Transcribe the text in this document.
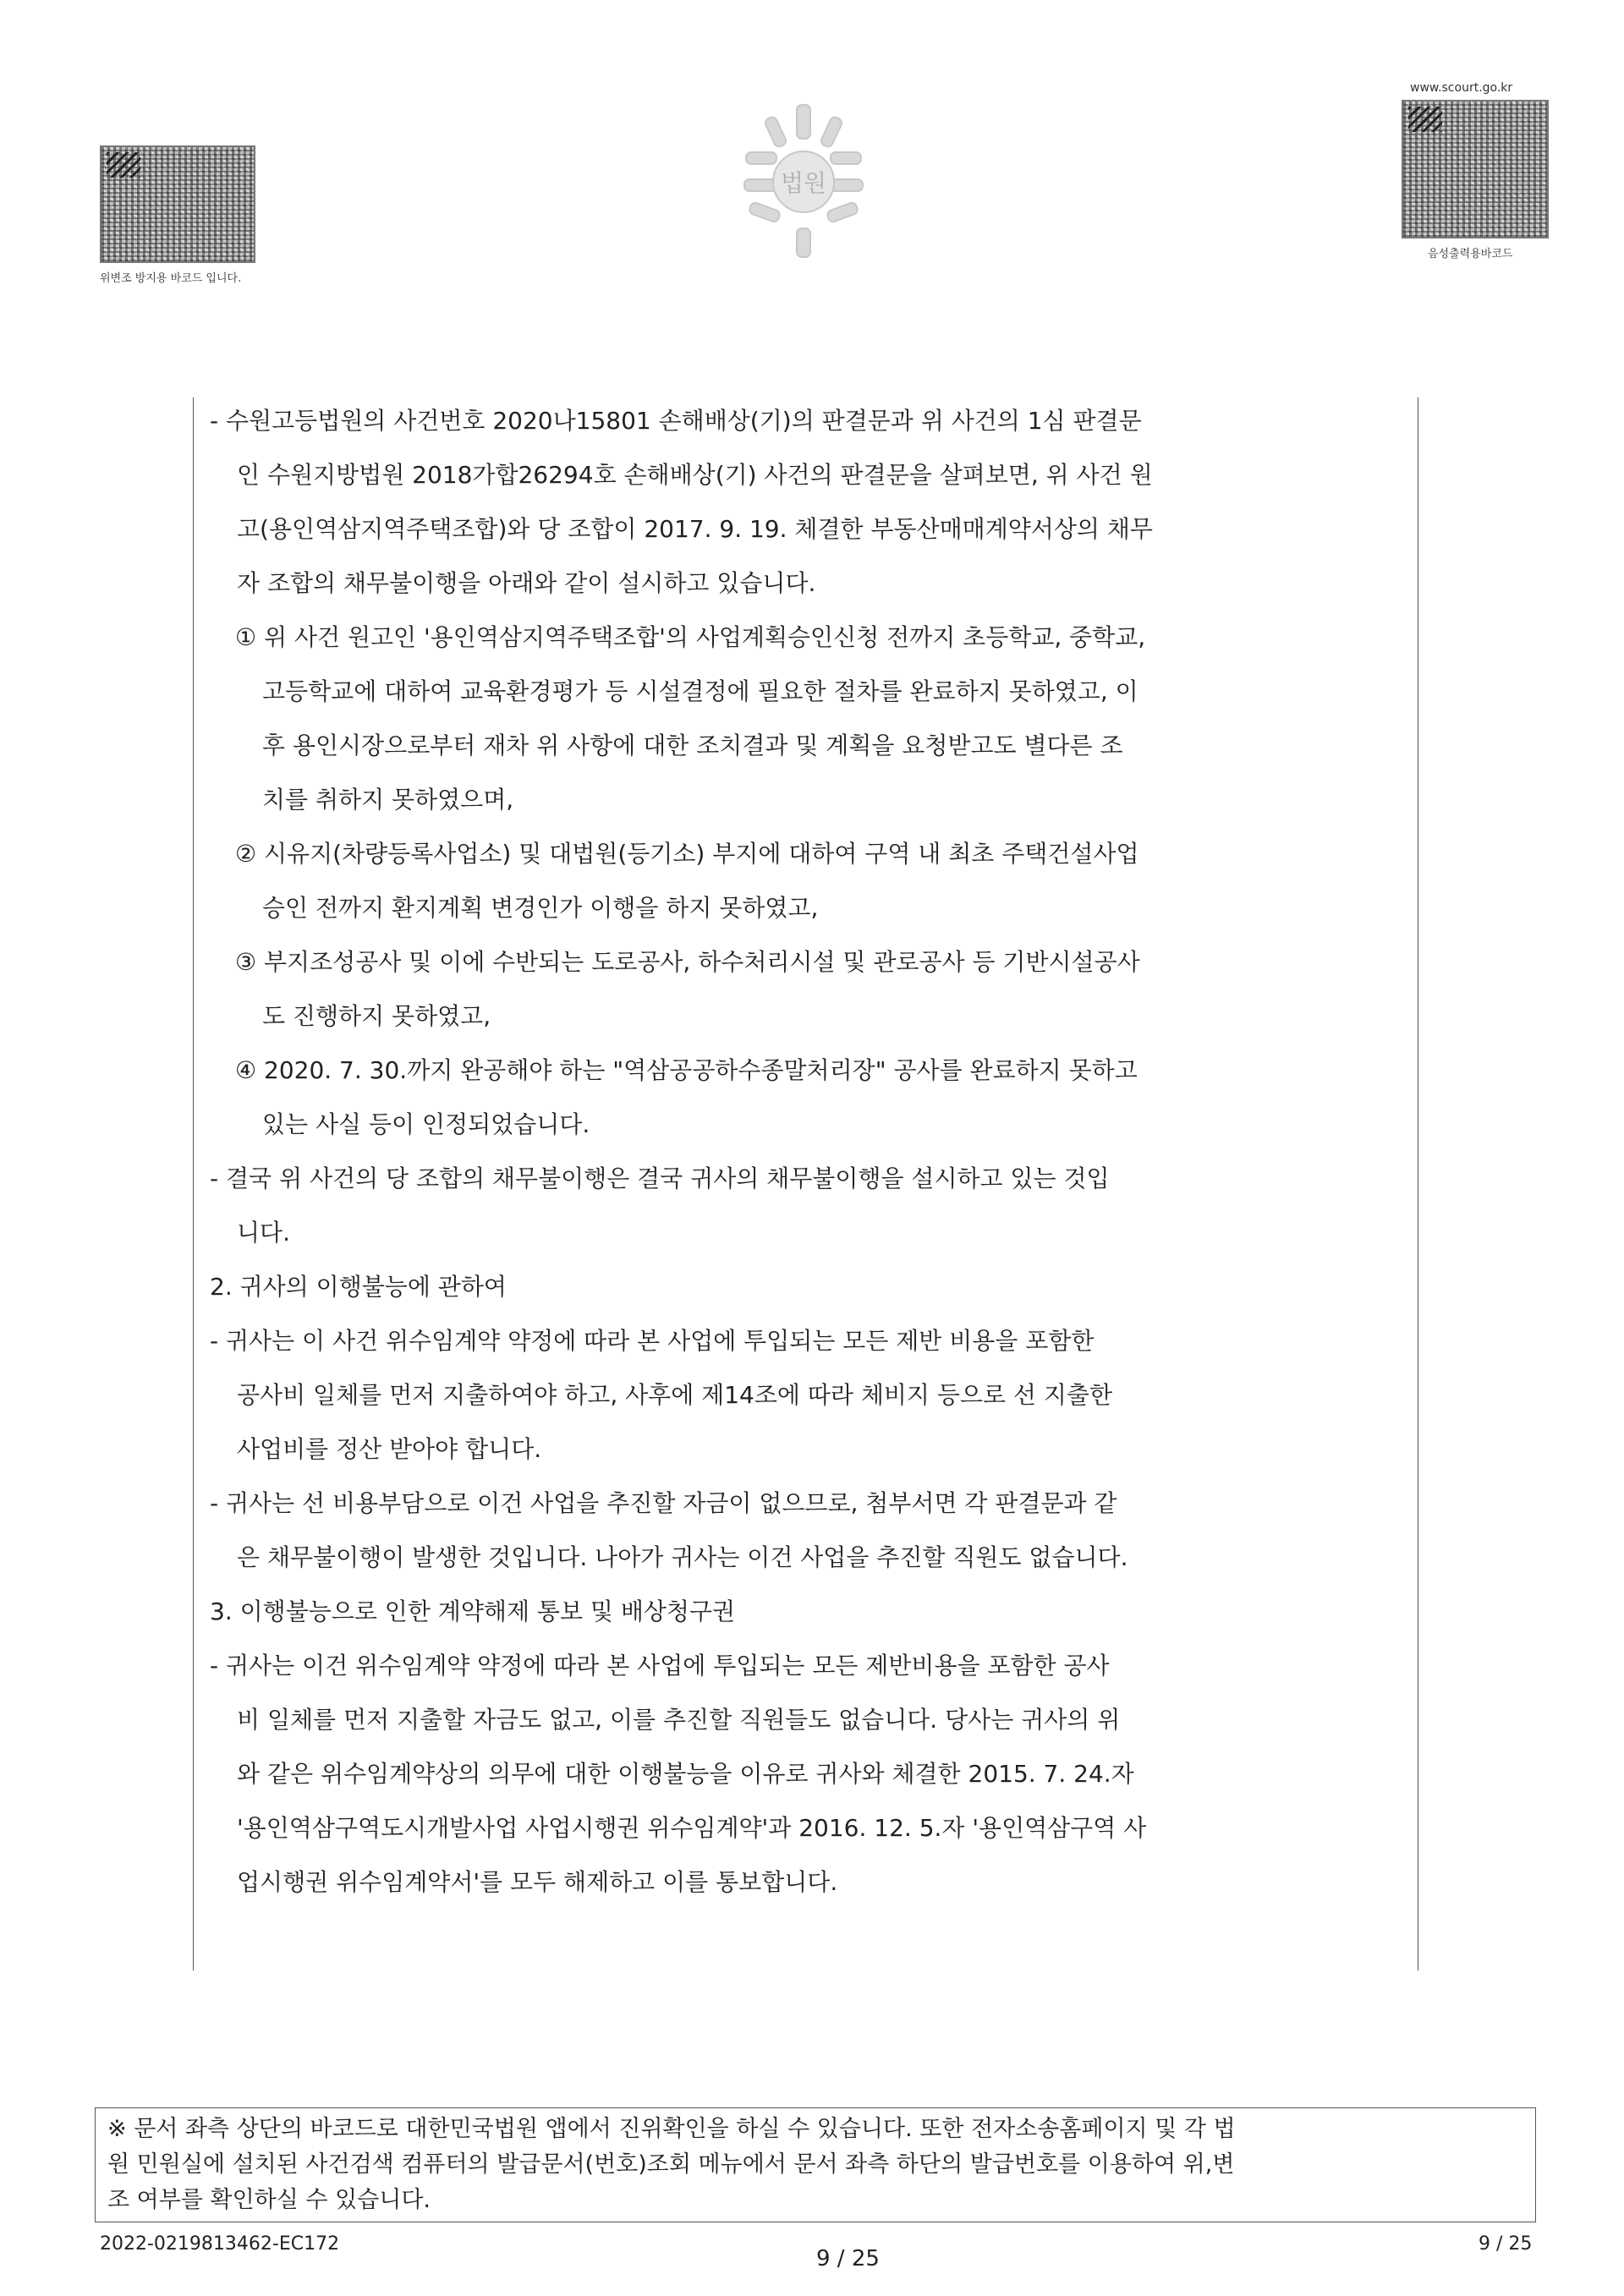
위변조 방지용 바코드 입니다.
www.scourt.go.kr
음성출력용바코드
법원
- 수원고등법원의 사건번호 2020나15801 손해배상(기)의 판결문과 위 사건의 1심 판결문
인 수원지방법원 2018가합26294호 손해배상(기) 사건의 판결문을 살펴보면, 위 사건 원
고(용인역삼지역주택조합)와 당 조합이 2017. 9. 19. 체결한 부동산매매계약서상의 채무
자 조합의 채무불이행을 아래와 같이 설시하고 있습니다.
① 위 사건 원고인 '용인역삼지역주택조합'의 사업계획승인신청 전까지 초등학교, 중학교,
고등학교에 대하여 교육환경평가 등 시설결정에 필요한 절차를 완료하지 못하였고, 이
후 용인시장으로부터 재차 위 사항에 대한 조치결과 및 계획을 요청받고도 별다른 조
치를 취하지 못하였으며,
② 시유지(차량등록사업소) 및 대법원(등기소) 부지에 대하여 구역 내 최초 주택건설사업
승인 전까지 환지계획 변경인가 이행을 하지 못하였고,
③ 부지조성공사 및 이에 수반되는 도로공사, 하수처리시설 및 관로공사 등 기반시설공사
도 진행하지 못하였고,
④ 2020. 7. 30.까지 완공해야 하는 "역삼공공하수종말처리장" 공사를 완료하지 못하고
있는 사실 등이 인정되었습니다.
- 결국 위 사건의 당 조합의 채무불이행은 결국 귀사의 채무불이행을 설시하고 있는 것입
니다.
2. 귀사의 이행불능에 관하여
- 귀사는 이 사건 위수임계약 약정에 따라 본 사업에 투입되는 모든 제반 비용을 포함한
공사비 일체를 먼저 지출하여야 하고, 사후에 제14조에 따라 체비지 등으로 선 지출한
사업비를 정산 받아야 합니다.
- 귀사는 선 비용부담으로 이건 사업을 추진할 자금이 없으므로, 첨부서면 각 판결문과 같
은 채무불이행이 발생한 것입니다. 나아가 귀사는 이건 사업을 추진할 직원도 없습니다.
3. 이행불능으로 인한 계약해제 통보 및 배상청구권
- 귀사는 이건 위수임계약 약정에 따라 본 사업에 투입되는 모든 제반비용을 포함한 공사
비 일체를 먼저 지출할 자금도 없고, 이를 추진할 직원들도 없습니다. 당사는 귀사의 위
와 같은 위수임계약상의 의무에 대한 이행불능을 이유로 귀사와 체결한 2015. 7. 24.자
'용인역삼구역도시개발사업 사업시행권 위수임계약'과 2016. 12. 5.자 '용인역삼구역 사
업시행권 위수임계약서'를 모두 해제하고 이를 통보합니다.
※ 문서 좌측 상단의 바코드로 대한민국법원 앱에서 진위확인을 하실 수 있습니다. 또한 전자소송홈페이지 및 각 법
원 민원실에 설치된 사건검색 컴퓨터의 발급문서(번호)조회 메뉴에서 문서 좌측 하단의 발급번호를 이용하여 위,변
조 여부를 확인하실 수 있습니다.
2022-0219813462-EC172
9 / 25
9 / 25
